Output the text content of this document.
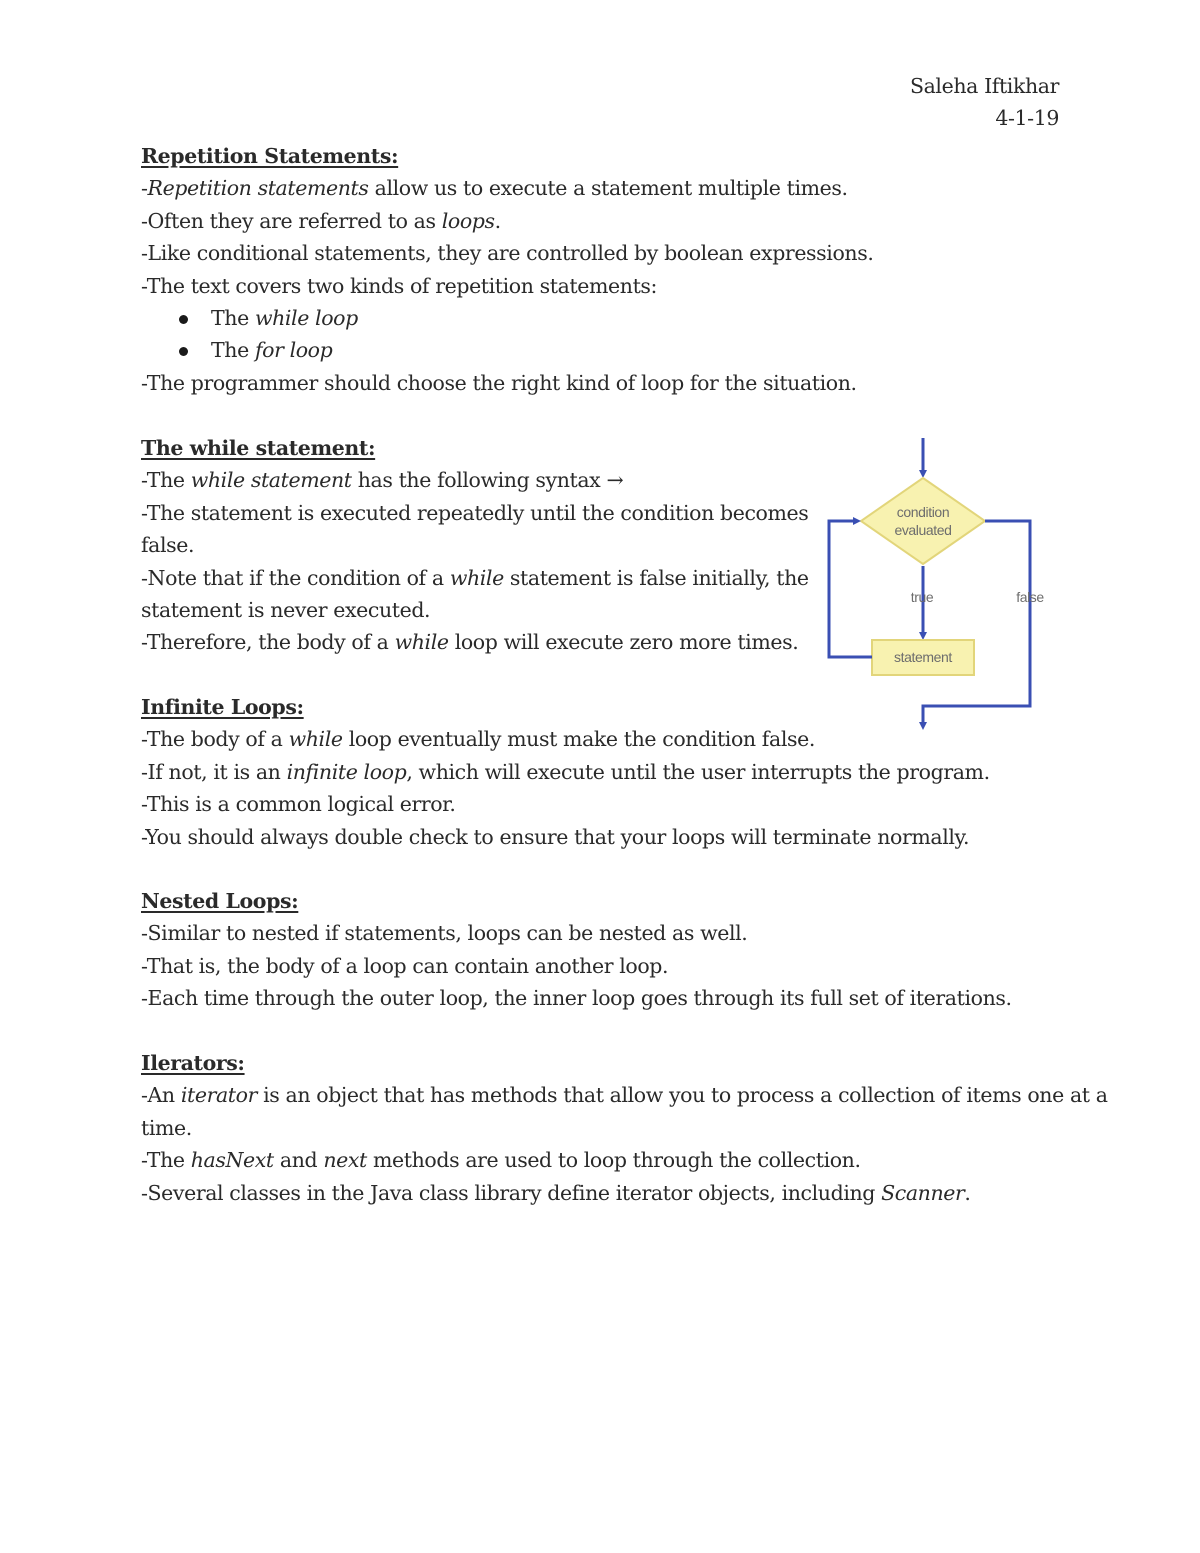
Saleha Iftikhar
4-1-19
Repetition Statements:
-Repetition statements allow us to execute a statement multiple times.
-Often they are referred to as loops.
-Like conditional statements, they are controlled by boolean expressions.
-The text covers two kinds of repetition statements:
The while loop
The for loop
-The programmer should choose the right kind of loop for the situation.
The while statement:
-The while statement has the following syntax →
-The statement is executed repeatedly until the condition becomes
false.
-Note that if the condition of a while statement is false initially, the
statement is never executed.
-Therefore, the body of a while loop will execute zero more times.
condition
evaluated
true
statement
false
Infinite Loops:
-The body of a while loop eventually must make the condition false.
-If not, it is an infinite loop, which will execute until the user interrupts the program.
-This is a common logical error.
-You should always double check to ensure that your loops will terminate normally.
Nested Loops:
-Similar to nested if statements, loops can be nested as well.
-That is, the body of a loop can contain another loop.
-Each time through the outer loop, the inner loop goes through its full set of iterations.
Ilerators:
-An iterator is an object that has methods that allow you to process a collection of items one at a
time.
-The hasNext and next methods are used to loop through the collection.
-Several classes in the Java class library define iterator objects, including Scanner.
